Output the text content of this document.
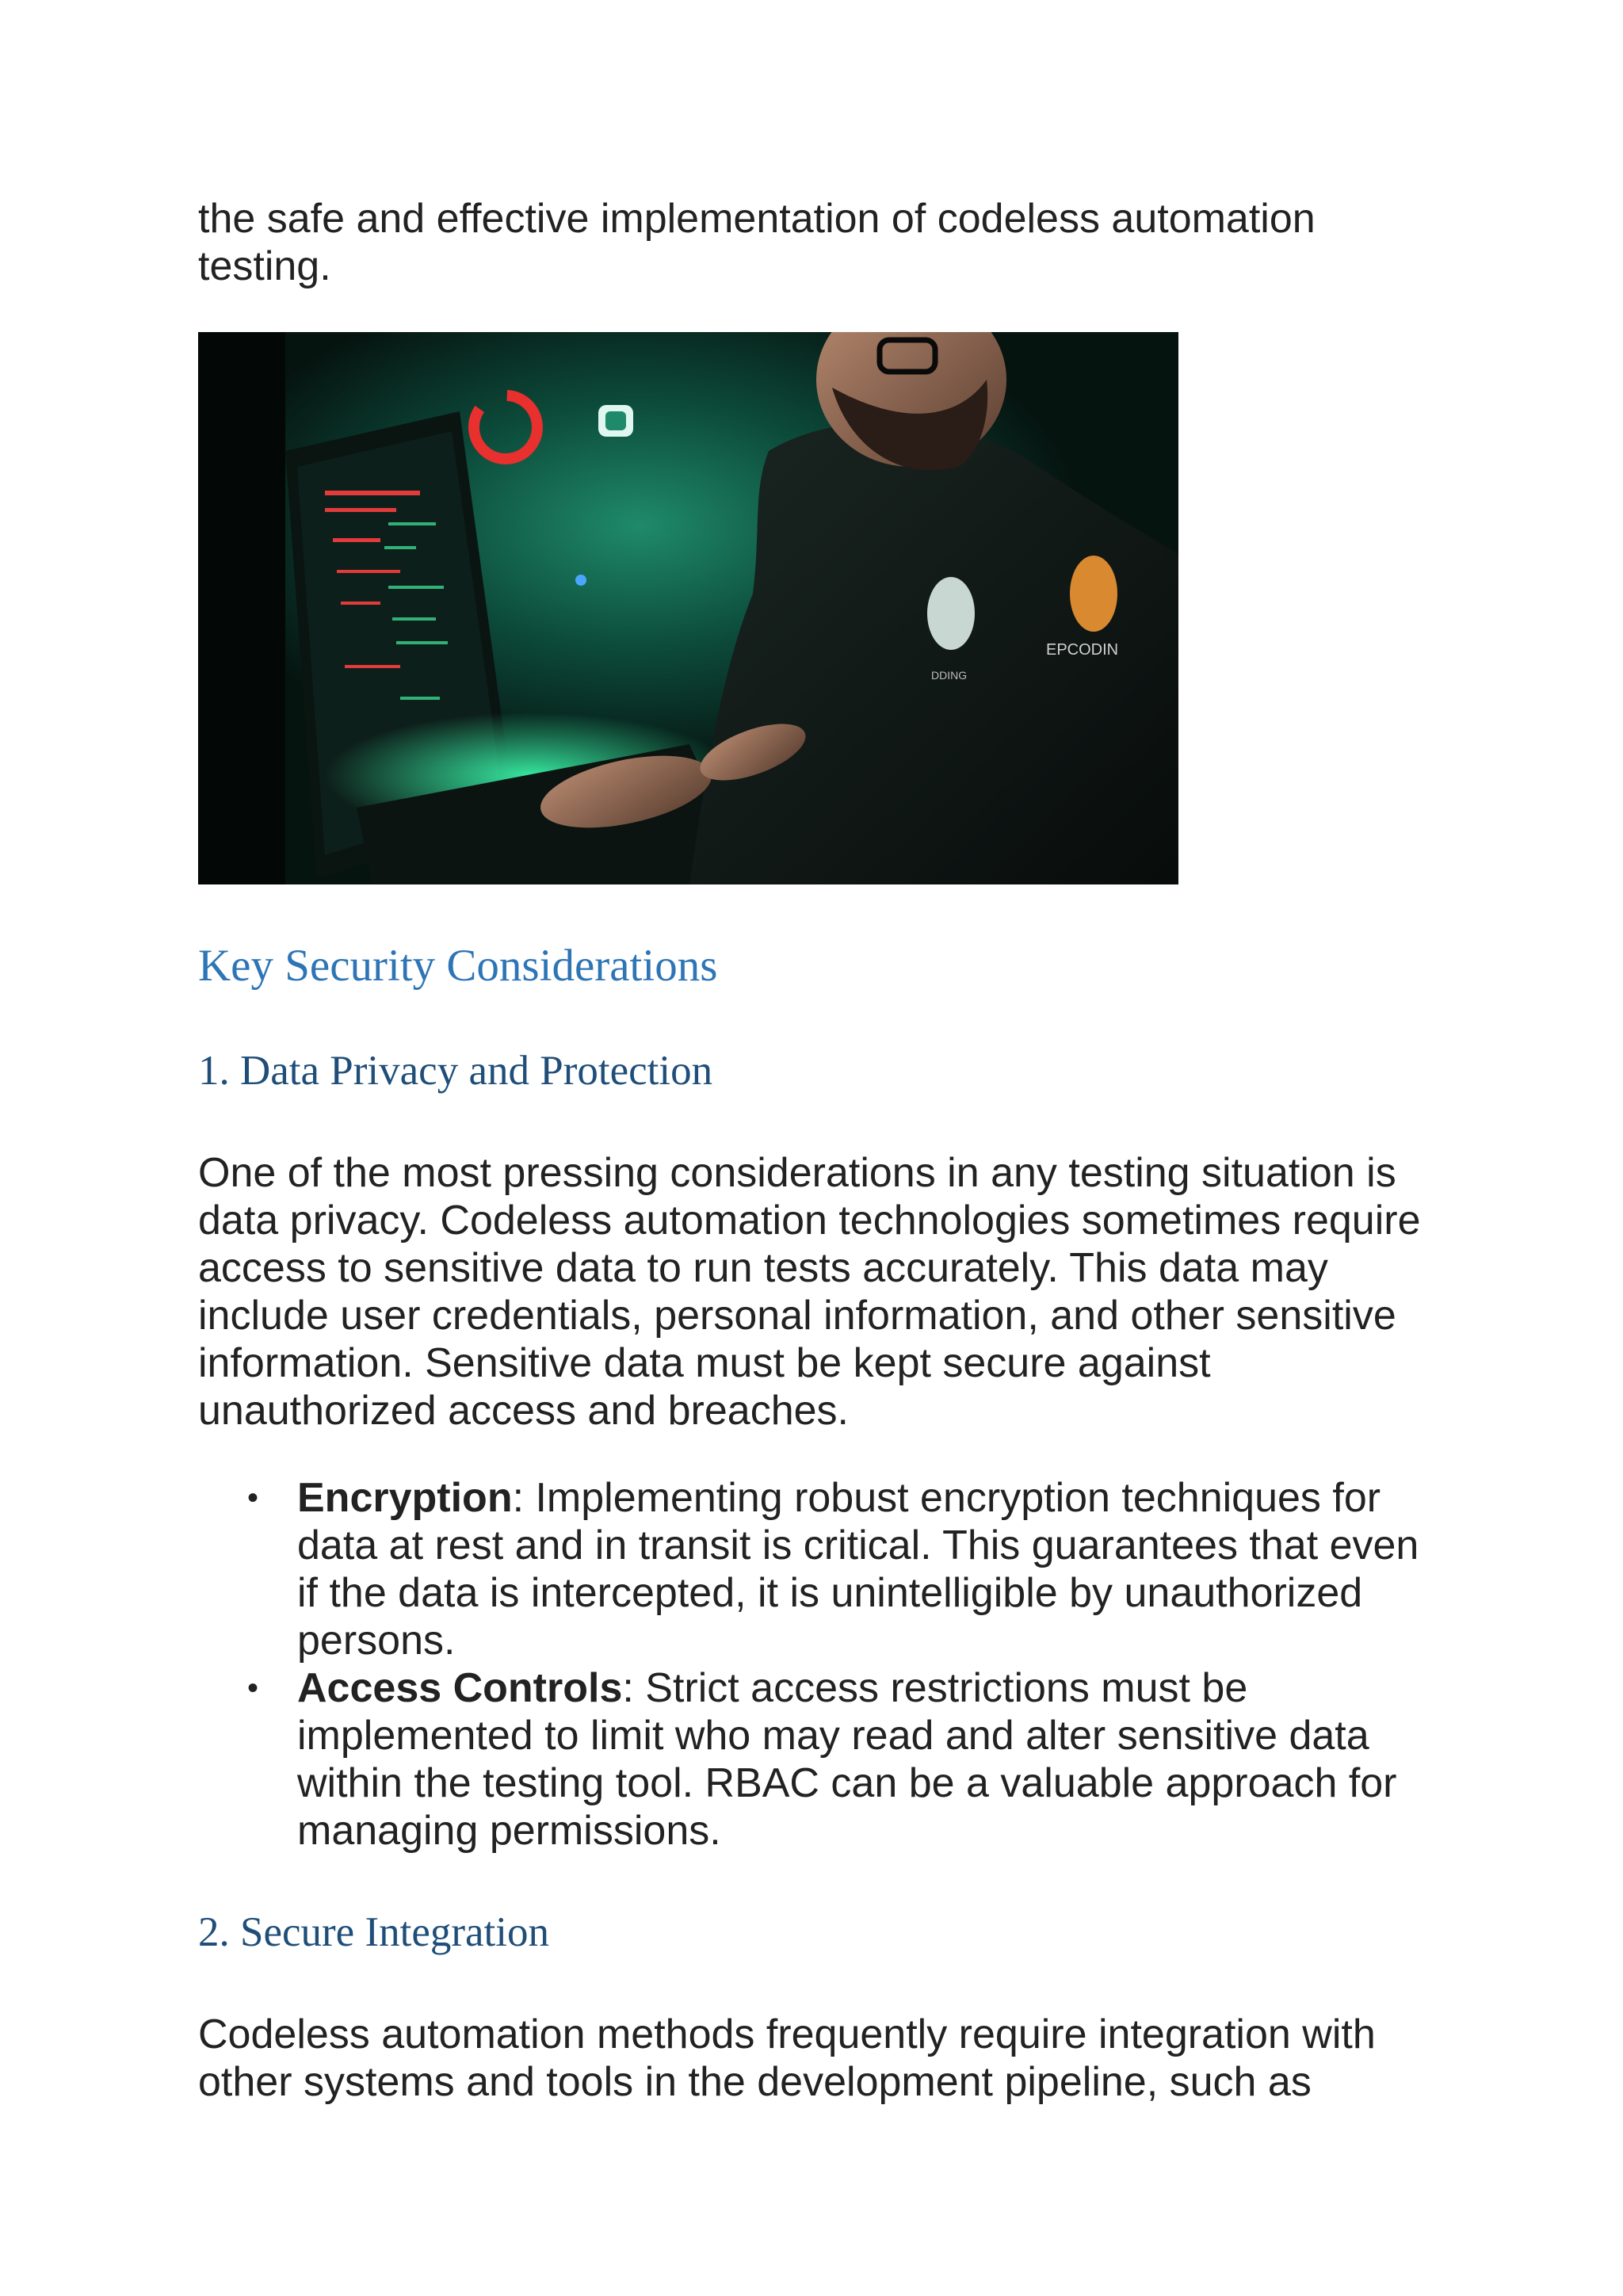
the safe and effective implementation of codeless automation testing.

EPCODIN
DDING
Key Security Considerations
1. Data Privacy and Protection

One of the most pressing considerations in any testing situation is data privacy. Codeless automation technologies sometimes require access to sensitive data to run tests accurately. This data may include user credentials, personal information, and other sensitive information. Sensitive data must be kept secure against unauthorized access and breaches.

• Encryption: Implementing robust encryption techniques for data at rest and in transit is critical. This guarantees that even if the data is intercepted, it is unintelligible by unauthorized persons.
• Access Controls: Strict access restrictions must be implemented to limit who may read and alter sensitive data within the testing tool. RBAC can be a valuable approach for managing permissions.
2. Secure Integration

Codeless automation methods frequently require integration with other systems and tools in the development pipeline, such as
